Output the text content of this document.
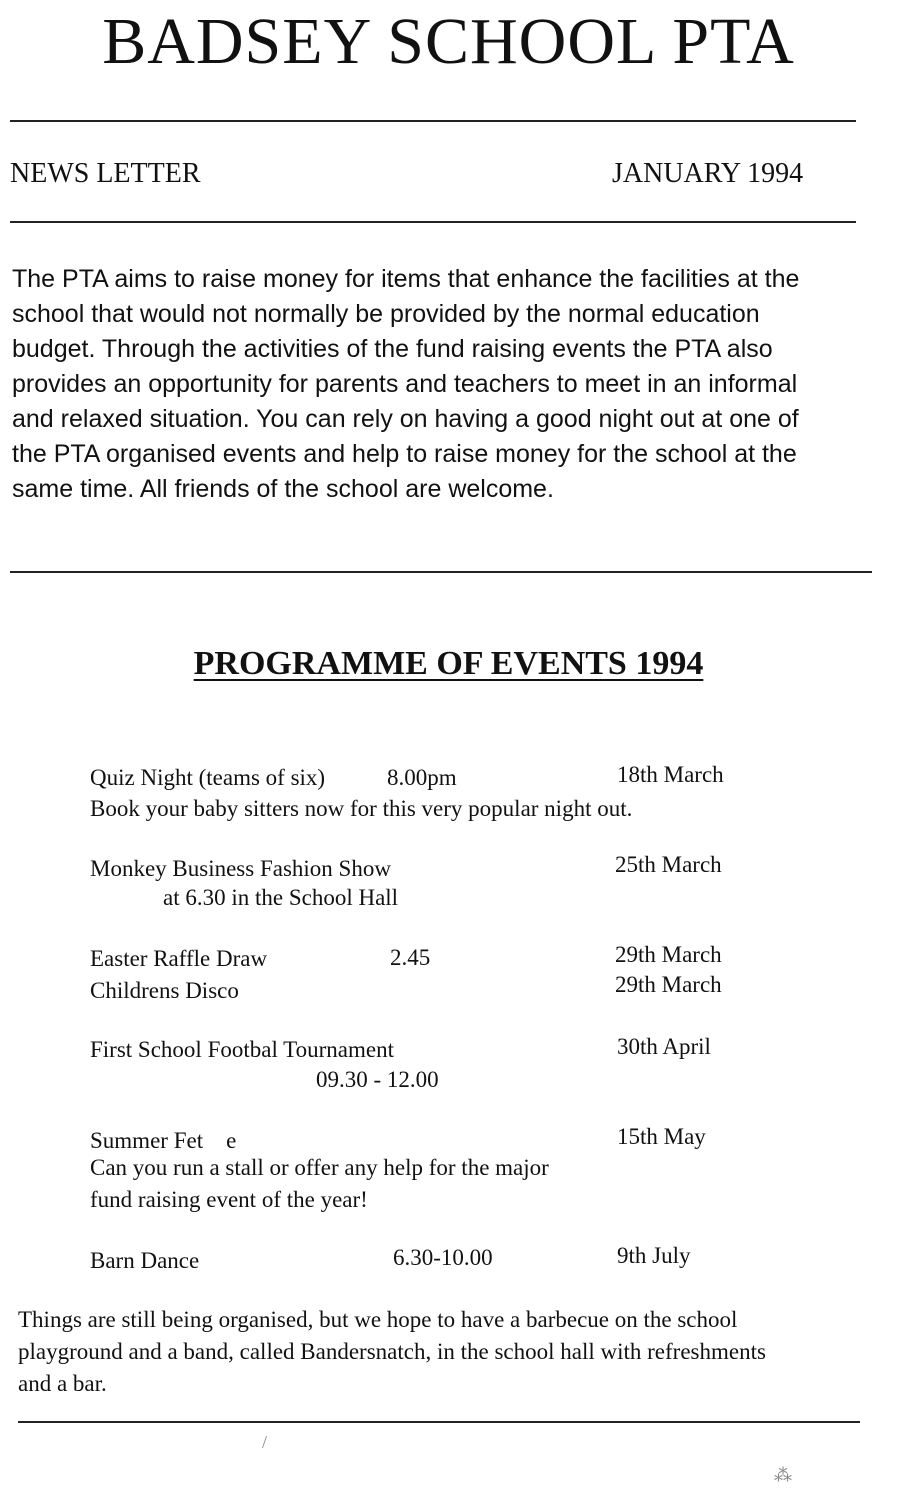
BADSEY SCHOOL PTA
NEWS LETTER	JANUARY 1994

The PTA aims to raise money for items that enhance the facilities at the

school that would not normally be provided by the normal education

budget. Through the activities of the fund raising events the PTA also

provides an opportunity for parents and teachers to meet in an informal

and relaxed situation. You can rely on having a good night out at one of

the PTA organised events and help to raise money for the school at the

same time. All friends of the school are welcome.

PROGRAMME OF EVENTS 1994
Quiz Night (teams of six)	8.00pm	18th March
Book your baby sitters now for this very popular night out.
Monkey Business Fashion Show	25th March
at 6.30 in the School Hall
Easter Raffle Draw	2.45	29th March
Childrens Disco	29th March
First School Footbal Tournament	30th April
09.30 - 12.00
Summer Fet    e	15th May
Can you run a stall or offer any help for the major
fund raising event of the year!
Barn Dance	6.30-10.00	9th July

Things are still being organised, but we hope to have a barbecue on the school

playground and a band, called Bandersnatch, in the school hall with refreshments

and a bar.

/
⁂
